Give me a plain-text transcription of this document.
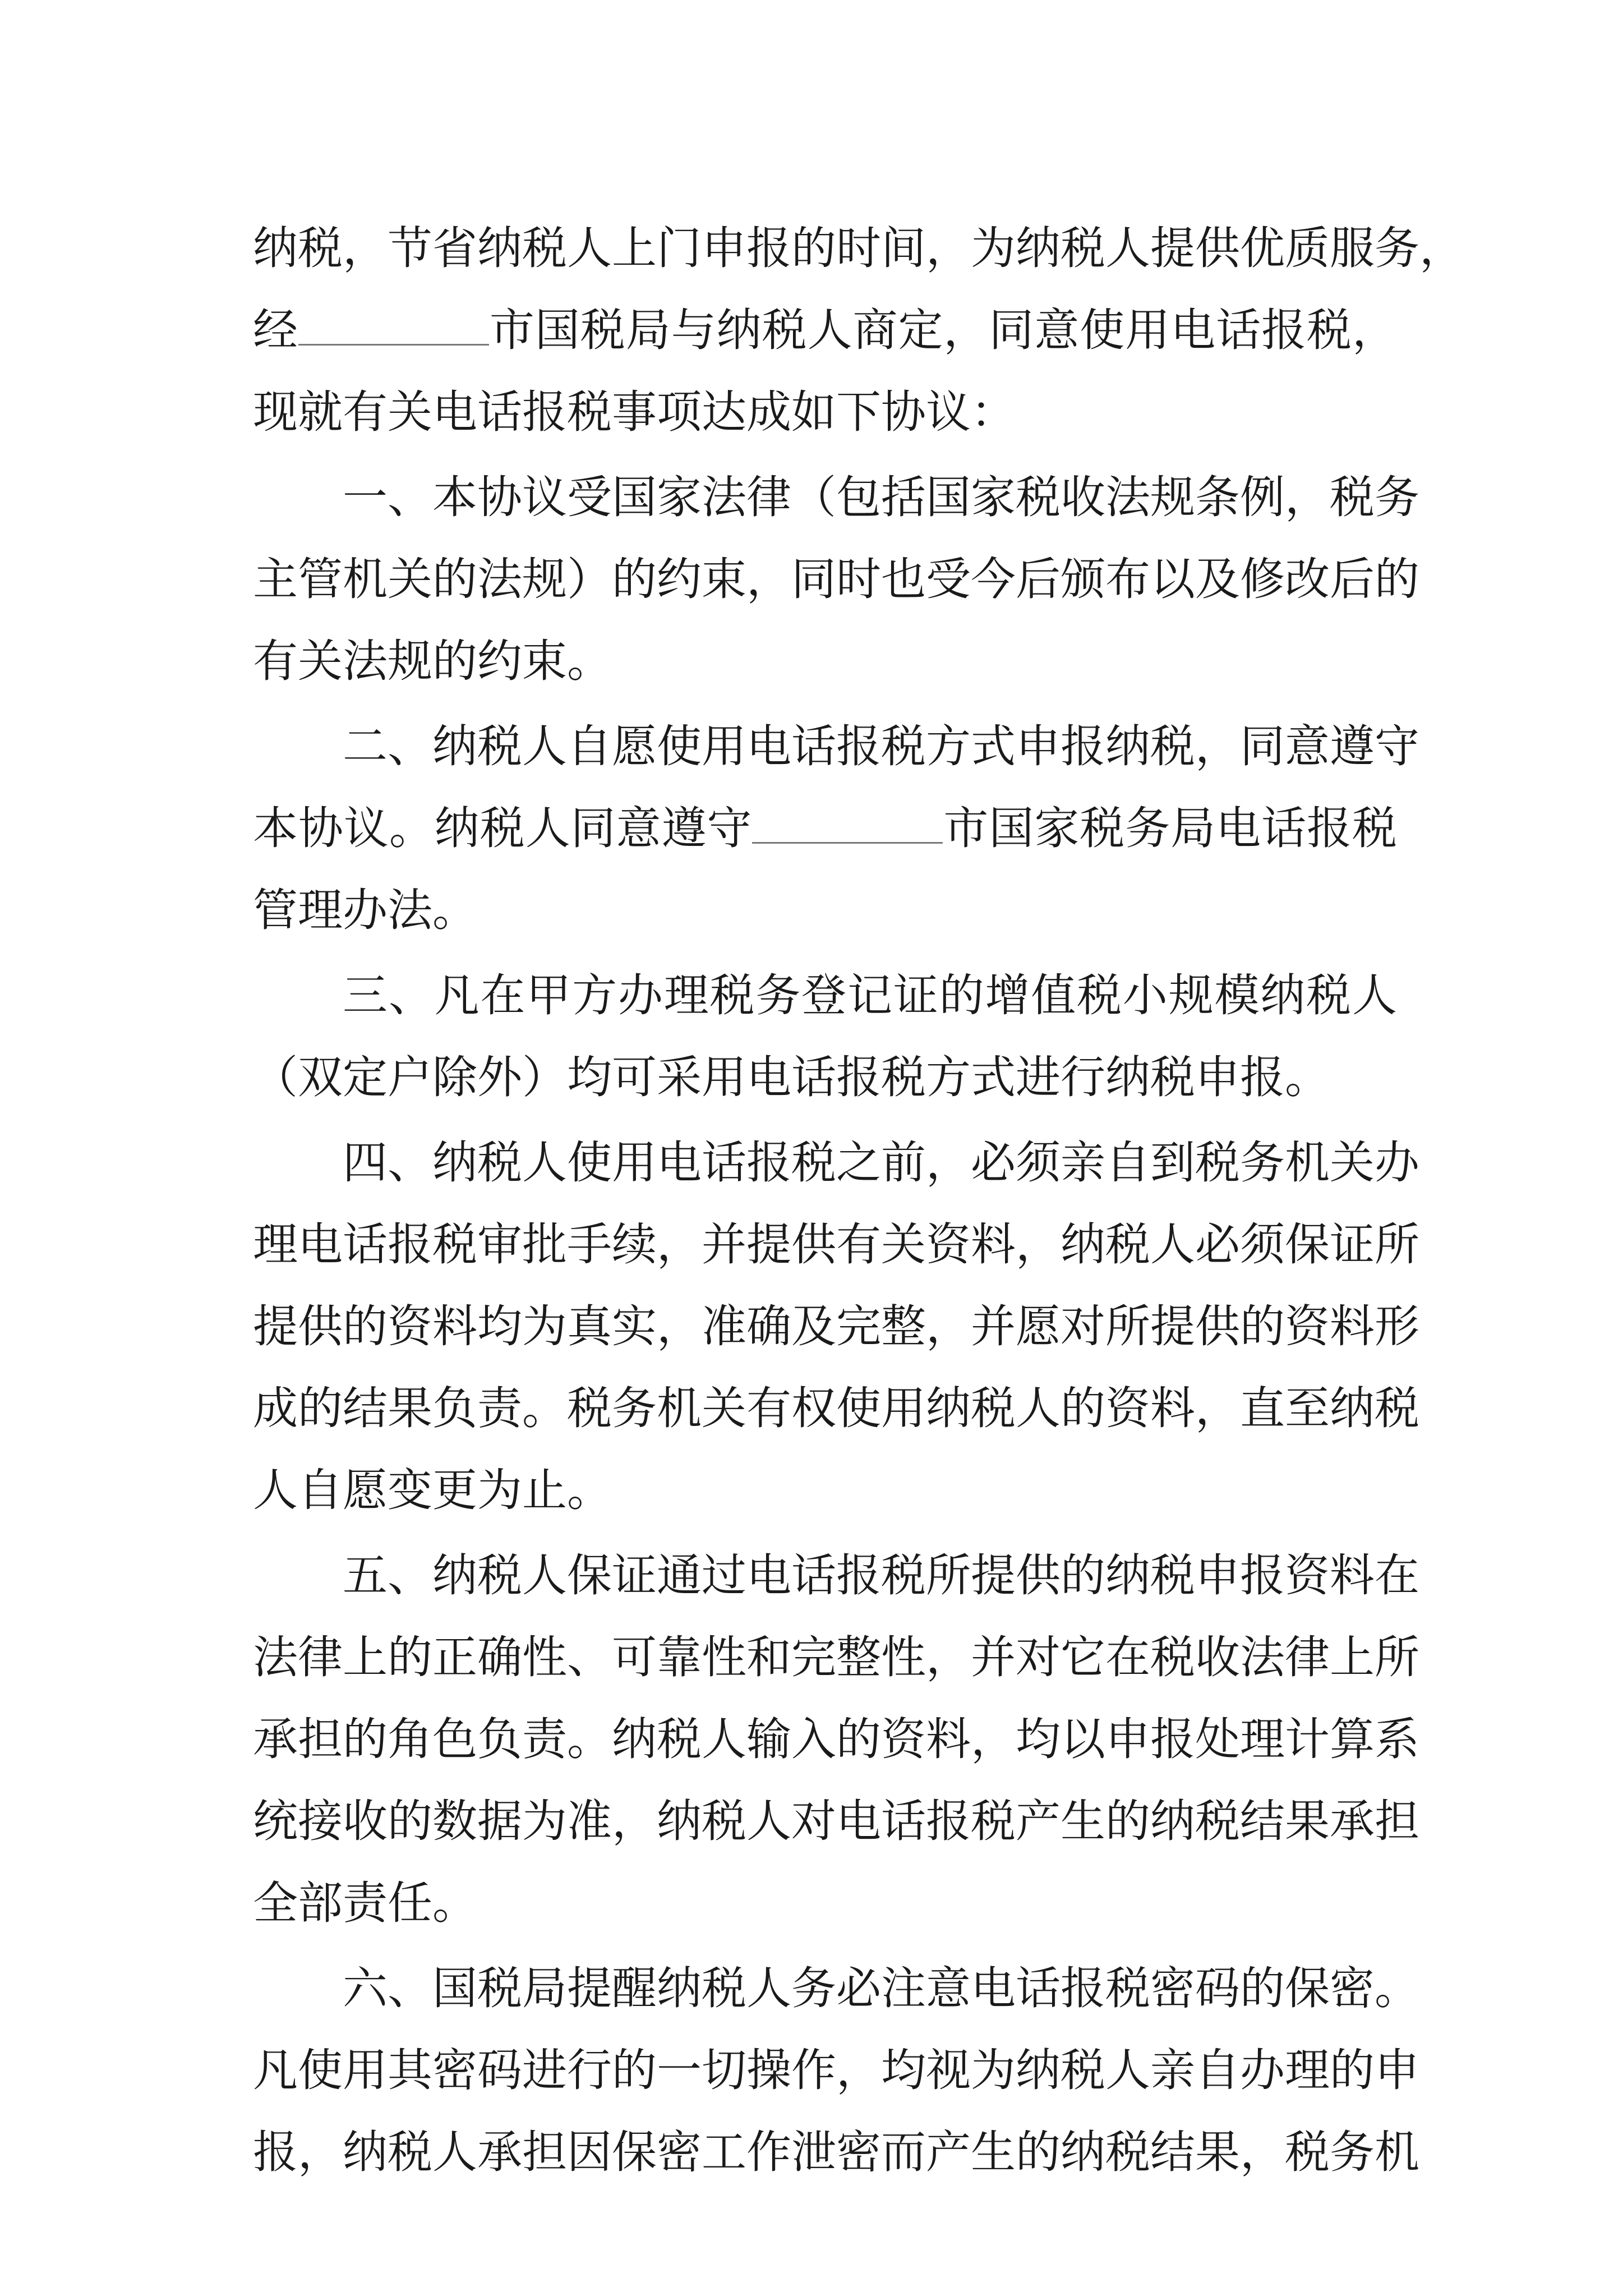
纳税，节省纳税人上门申报的时间，为纳税人提供优质服务，
经	市国税局与纳税人商定，同意使用电话报税，
现就有关电话报税事项达成如下协议：
一、本协议受国家法律（包括国家税收法规条例，税务
主管机关的法规）的约束，同时也受今后颁布以及修改后的
有关法规的约束。
二、纳税人自愿使用电话报税方式申报纳税，同意遵守
本协议。纳税人同意遵守	市国家税务局电话报税
管理办法。
三、凡在甲方办理税务登记证的增值税小规模纳税人
（双定户除外）均可采用电话报税方式进行纳税申报。
四、纳税人使用电话报税之前，必须亲自到税务机关办
理电话报税审批手续，并提供有关资料，纳税人必须保证所
提供的资料均为真实，准确及完整，并愿对所提供的资料形
成的结果负责。税务机关有权使用纳税人的资料，直至纳税
人自愿变更为止。
五、纳税人保证通过电话报税所提供的纳税申报资料在
法律上的正确性、可靠性和完整性，并对它在税收法律上所
承担的角色负责。纳税人输入的资料，均以申报处理计算系
统接收的数据为准，纳税人对电话报税产生的纳税结果承担
全部责任。
六、国税局提醒纳税人务必注意电话报税密码的保密。
凡使用其密码进行的一切操作，均视为纳税人亲自办理的申
报，纳税人承担因保密工作泄密而产生的纳税结果，税务机
